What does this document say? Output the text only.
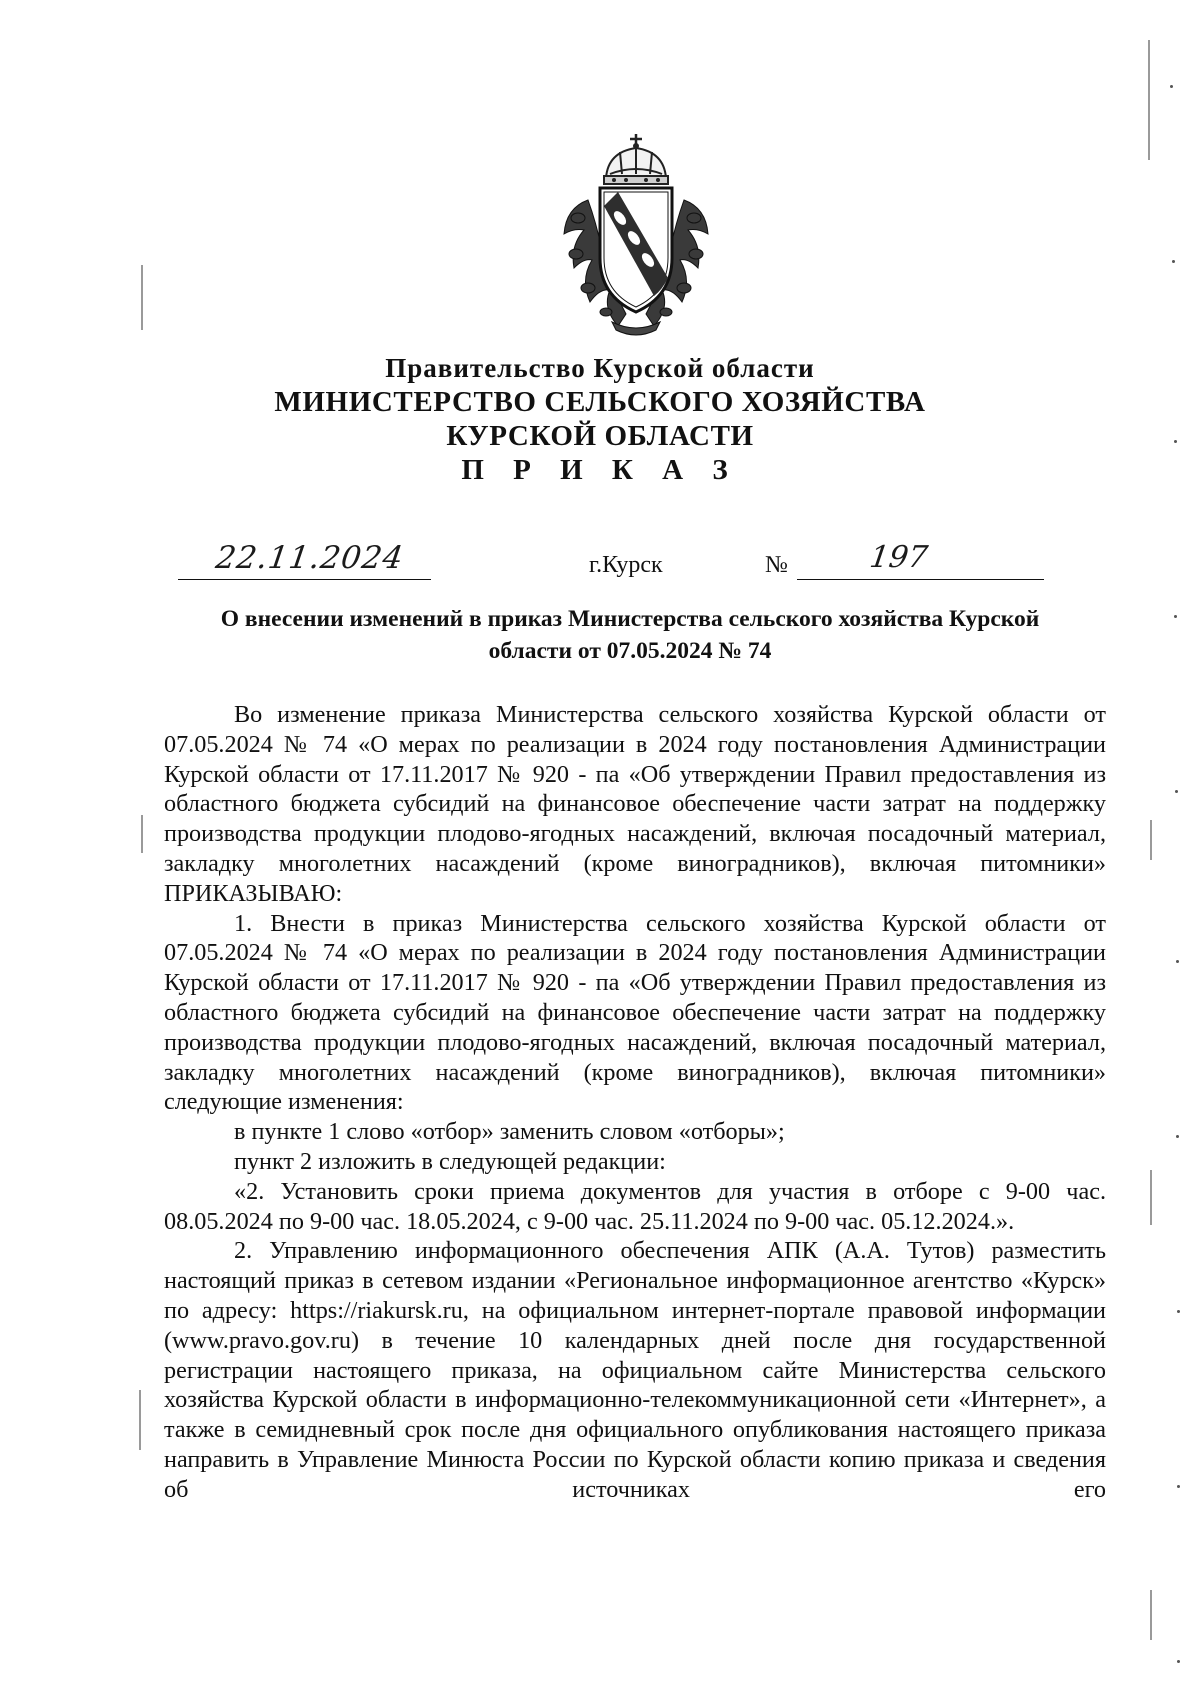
Правительство Курской области
МИНИСТЕРСТВО СЕЛЬСКОГО ХОЗЯЙСТВА
КУРСКОЙ ОБЛАСТИ
П Р И К А З
22.11.2024	г.Курск	№	197
О внесении изменений в приказ Министерства сельского хозяйства Курской
области от 07.05.2024 № 74

Во изменение приказа Министерства сельского хозяйства Курской области от 07.05.2024 № 74 «О мерах по реализации в 2024 году постановления Администрации Курской области от 17.11.2017 № 920 - па «Об утверждении Правил предоставления из областного бюджета субсидий на финансовое обеспечение части затрат на поддержку производства продукции плодово-ягодных насаждений, включая посадочный материал, закладку многолетних насаждений (кроме виноградников), включая питомники» ПРИКАЗЫВАЮ:

1. Внести в приказ Министерства сельского хозяйства Курской области от 07.05.2024 № 74 «О мерах по реализации в 2024 году постановления Администрации Курской области от 17.11.2017 № 920 - па «Об утверждении Правил предоставления из областного бюджета субсидий на финансовое обеспечение части затрат на поддержку производства продукции плодово-ягодных насаждений, включая посадочный материал, закладку многолетних насаждений (кроме виноградников), включая питомники» следующие изменения:

в пункте 1 слово «отбор» заменить словом «отборы»;

пункт 2 изложить в следующей редакции:

«2. Установить сроки приема документов для участия в отборе с 9-00 час. 08.05.2024 по 9-00 час. 18.05.2024, с 9-00 час. 25.11.2024 по 9-00 час. 05.12.2024.».

2. Управлению информационного обеспечения АПК (А.А. Тутов) разместить настоящий приказ в сетевом издании «Региональное информационное агентство «Курск» по адресу: https://riakursk.ru, на официальном интернет-портале правовой информации (www.pravo.gov.ru) в течение 10 календарных дней после дня государственной регистрации настоящего приказа, на официальном сайте Министерства сельского хозяйства Курской области в информационно-телекоммуникационной сети «Интернет», а также в семидневный срок после дня официального опубликования настоящего приказа направить в Управление Минюста России по Курской области копию приказа и сведения об источниках его
